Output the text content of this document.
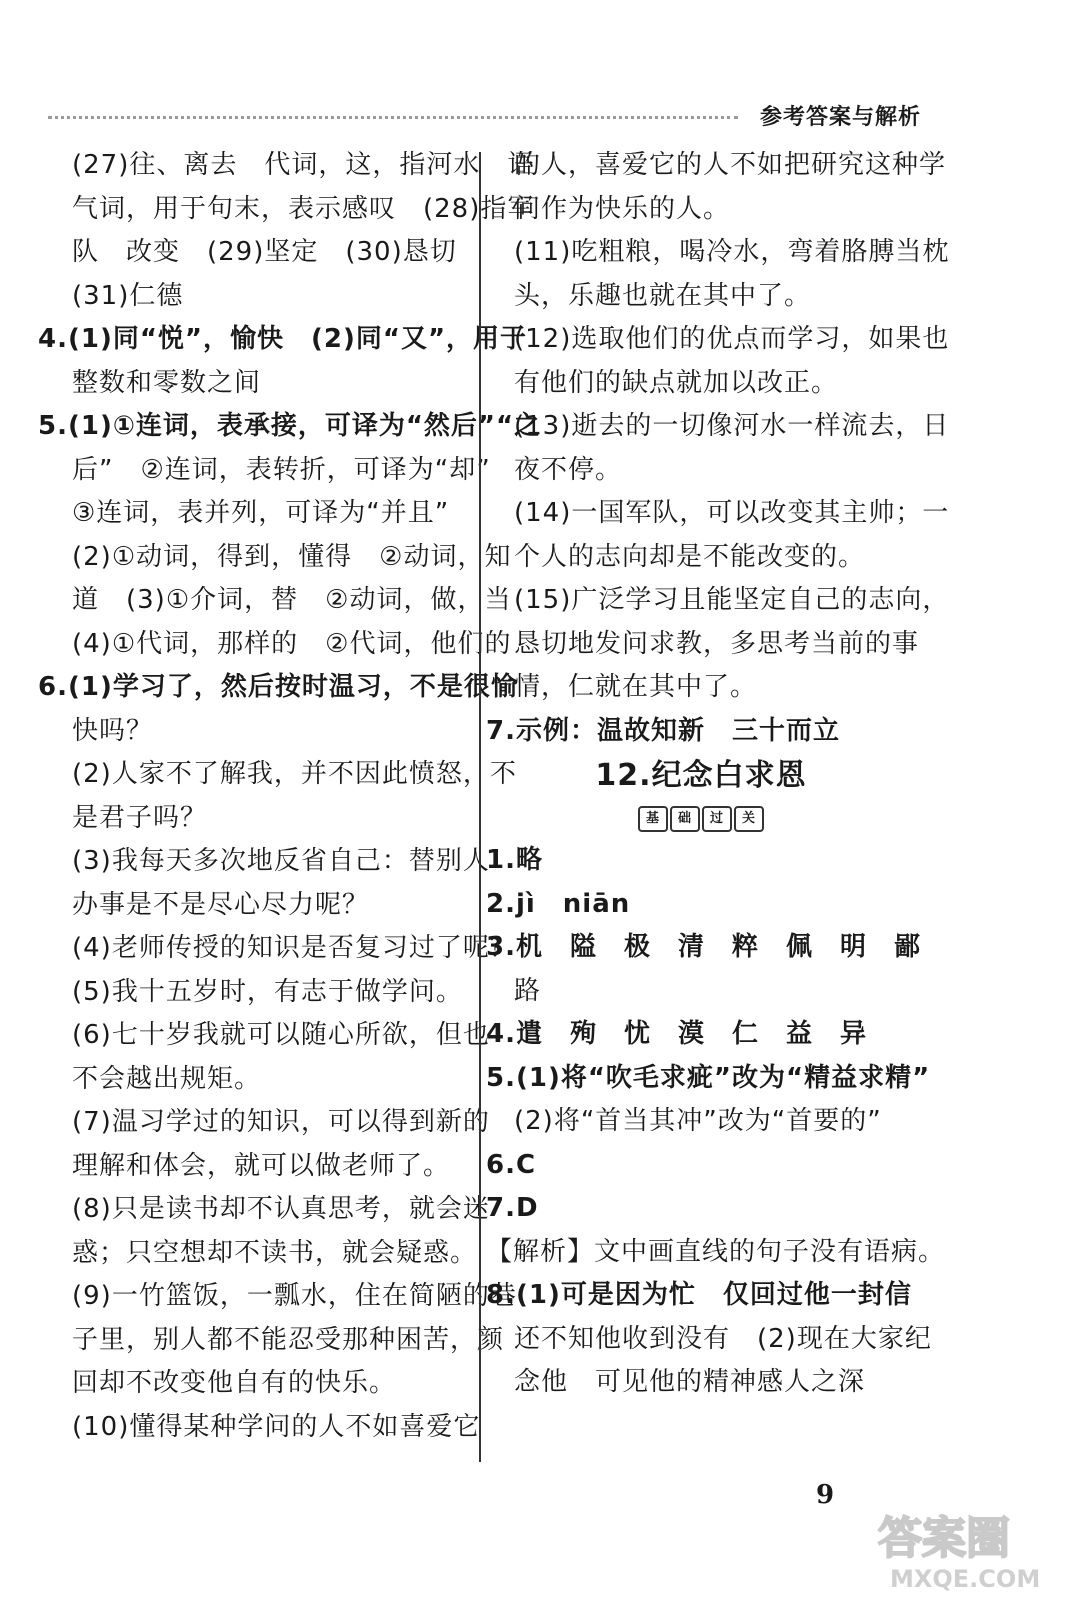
参考答案与解析
(27)往、离去　代词，这，指河水　语
气词，用于句末，表示感叹　(28)指军
队　改变　(29)坚定　(30)恳切
(31)仁德
4.(1)同“悦”，愉快　(2)同“又”，用于
整数和零数之间
5.(1)①连词，表承接，可译为“然后”“之
后”　②连词，表转折，可译为“却”
③连词，表并列，可译为“并且”
(2)①动词，得到，懂得　②动词，知
道　(3)①介词，替　②动词，做，当
(4)①代词，那样的　②代词，他们的
6.(1)学习了，然后按时温习，不是很愉
快吗？
(2)人家不了解我，并不因此愤怒，不
是君子吗？
(3)我每天多次地反省自己：替别人
办事是不是尽心尽力呢？
(4)老师传授的知识是否复习过了呢？
(5)我十五岁时，有志于做学问。
(6)七十岁我就可以随心所欲，但也
不会越出规矩。
(7)温习学过的知识，可以得到新的
理解和体会，就可以做老师了。
(8)只是读书却不认真思考，就会迷
惑；只空想却不读书，就会疑惑。
(9)一竹篮饭，一瓢水，住在简陋的巷
子里，别人都不能忍受那种困苦，颜
回却不改变他自有的快乐。
(10)懂得某种学问的人不如喜爱它
的人，喜爱它的人不如把研究这种学
问作为快乐的人。
(11)吃粗粮，喝冷水，弯着胳膊当枕
头，乐趣也就在其中了。
(12)选取他们的优点而学习，如果也
有他们的缺点就加以改正。
(13)逝去的一切像河水一样流去，日
夜不停。
(14)一国军队，可以改变其主帅；一
个人的志向却是不能改变的。
(15)广泛学习且能坚定自己的志向，
恳切地发问求教，多思考当前的事
情，仁就在其中了。
7.示例：温故知新　三十而立
12.纪念白求恩
基	础	过	关
1.略
2.jì　niān
3.机　隘　极　清　粹　佩　明　鄙
路
4.遣　殉　忧　漠　仁　益　异
5.(1)将“吹毛求疵”改为“精益求精”
(2)将“首当其冲”改为“首要的”
6.C
7.D
【解析】文中画直线的句子没有语病。
8.(1)可是因为忙　仅回过他一封信
还不知他收到没有　(2)现在大家纪
念他　可见他的精神感人之深
9
答案圈
MXQE.COM
